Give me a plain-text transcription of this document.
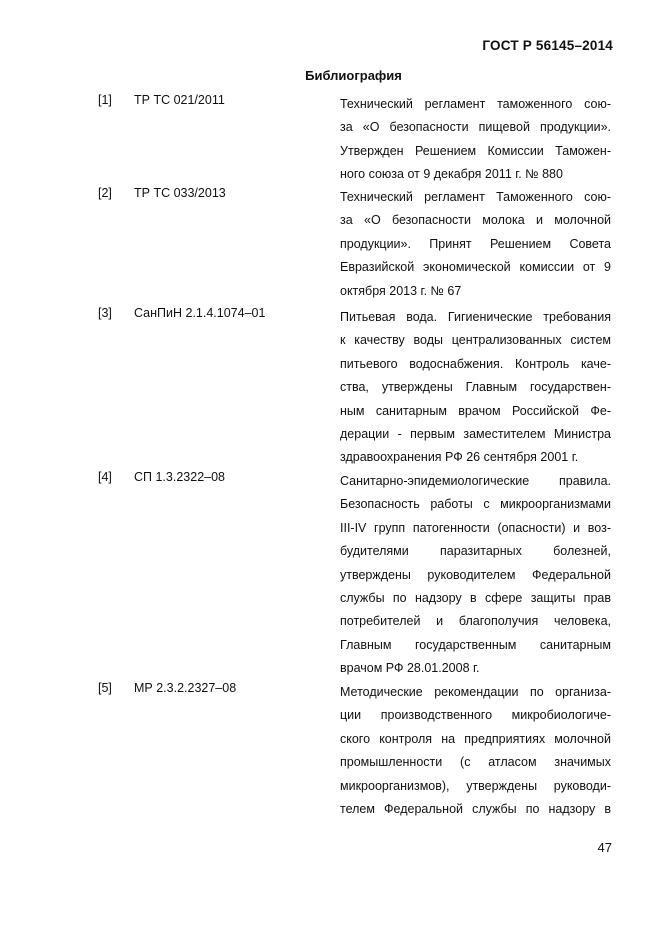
ГОСТ Р 56145–2014
Библиография
[1] ТР ТС 021/2011	Технический регламент таможенного сою-
за «О безопасности пищевой продукции».
Утвержден Решением Комиссии Таможен-
ного союза от 9 декабря 2011 г. № 880
[2] ТР ТС 033/2013	Технический регламент Таможенного сою-
за «О безопасности молока и молочной
продукции». Принят Решением Совета
Евразийской экономической комиссии от 9
октября 2013 г. № 67
[3] СанПиН 2.1.4.1074–01	Питьевая вода. Гигиенические требования
к качеству воды централизованных систем
питьевого водоснабжения. Контроль каче-
ства, утверждены Главным государствен-
ным санитарным врачом Российской Фе-
дерации - первым заместителем Министра
здравоохранения РФ 26 сентября 2001 г.
[4] СП 1.3.2322–08	Санитарно-эпидемиологические правила.
Безопасность работы с микроорганизмами
III-IV групп патогенности (опасности) и воз-
будителями паразитарных болезней,
утверждены руководителем Федеральной
службы по надзору в сфере защиты прав
потребителей и благополучия человека,
Главным государственным санитарным
врачом РФ 28.01.2008 г.
[5] МР 2.3.2.2327–08	Методические рекомендации по организа-
ции производственного микробиологиче-
ского контроля на предприятиях молочной
промышленности (с атласом значимых
микроорганизмов), утверждены руководи-
телем Федеральной службы по надзору в
47
